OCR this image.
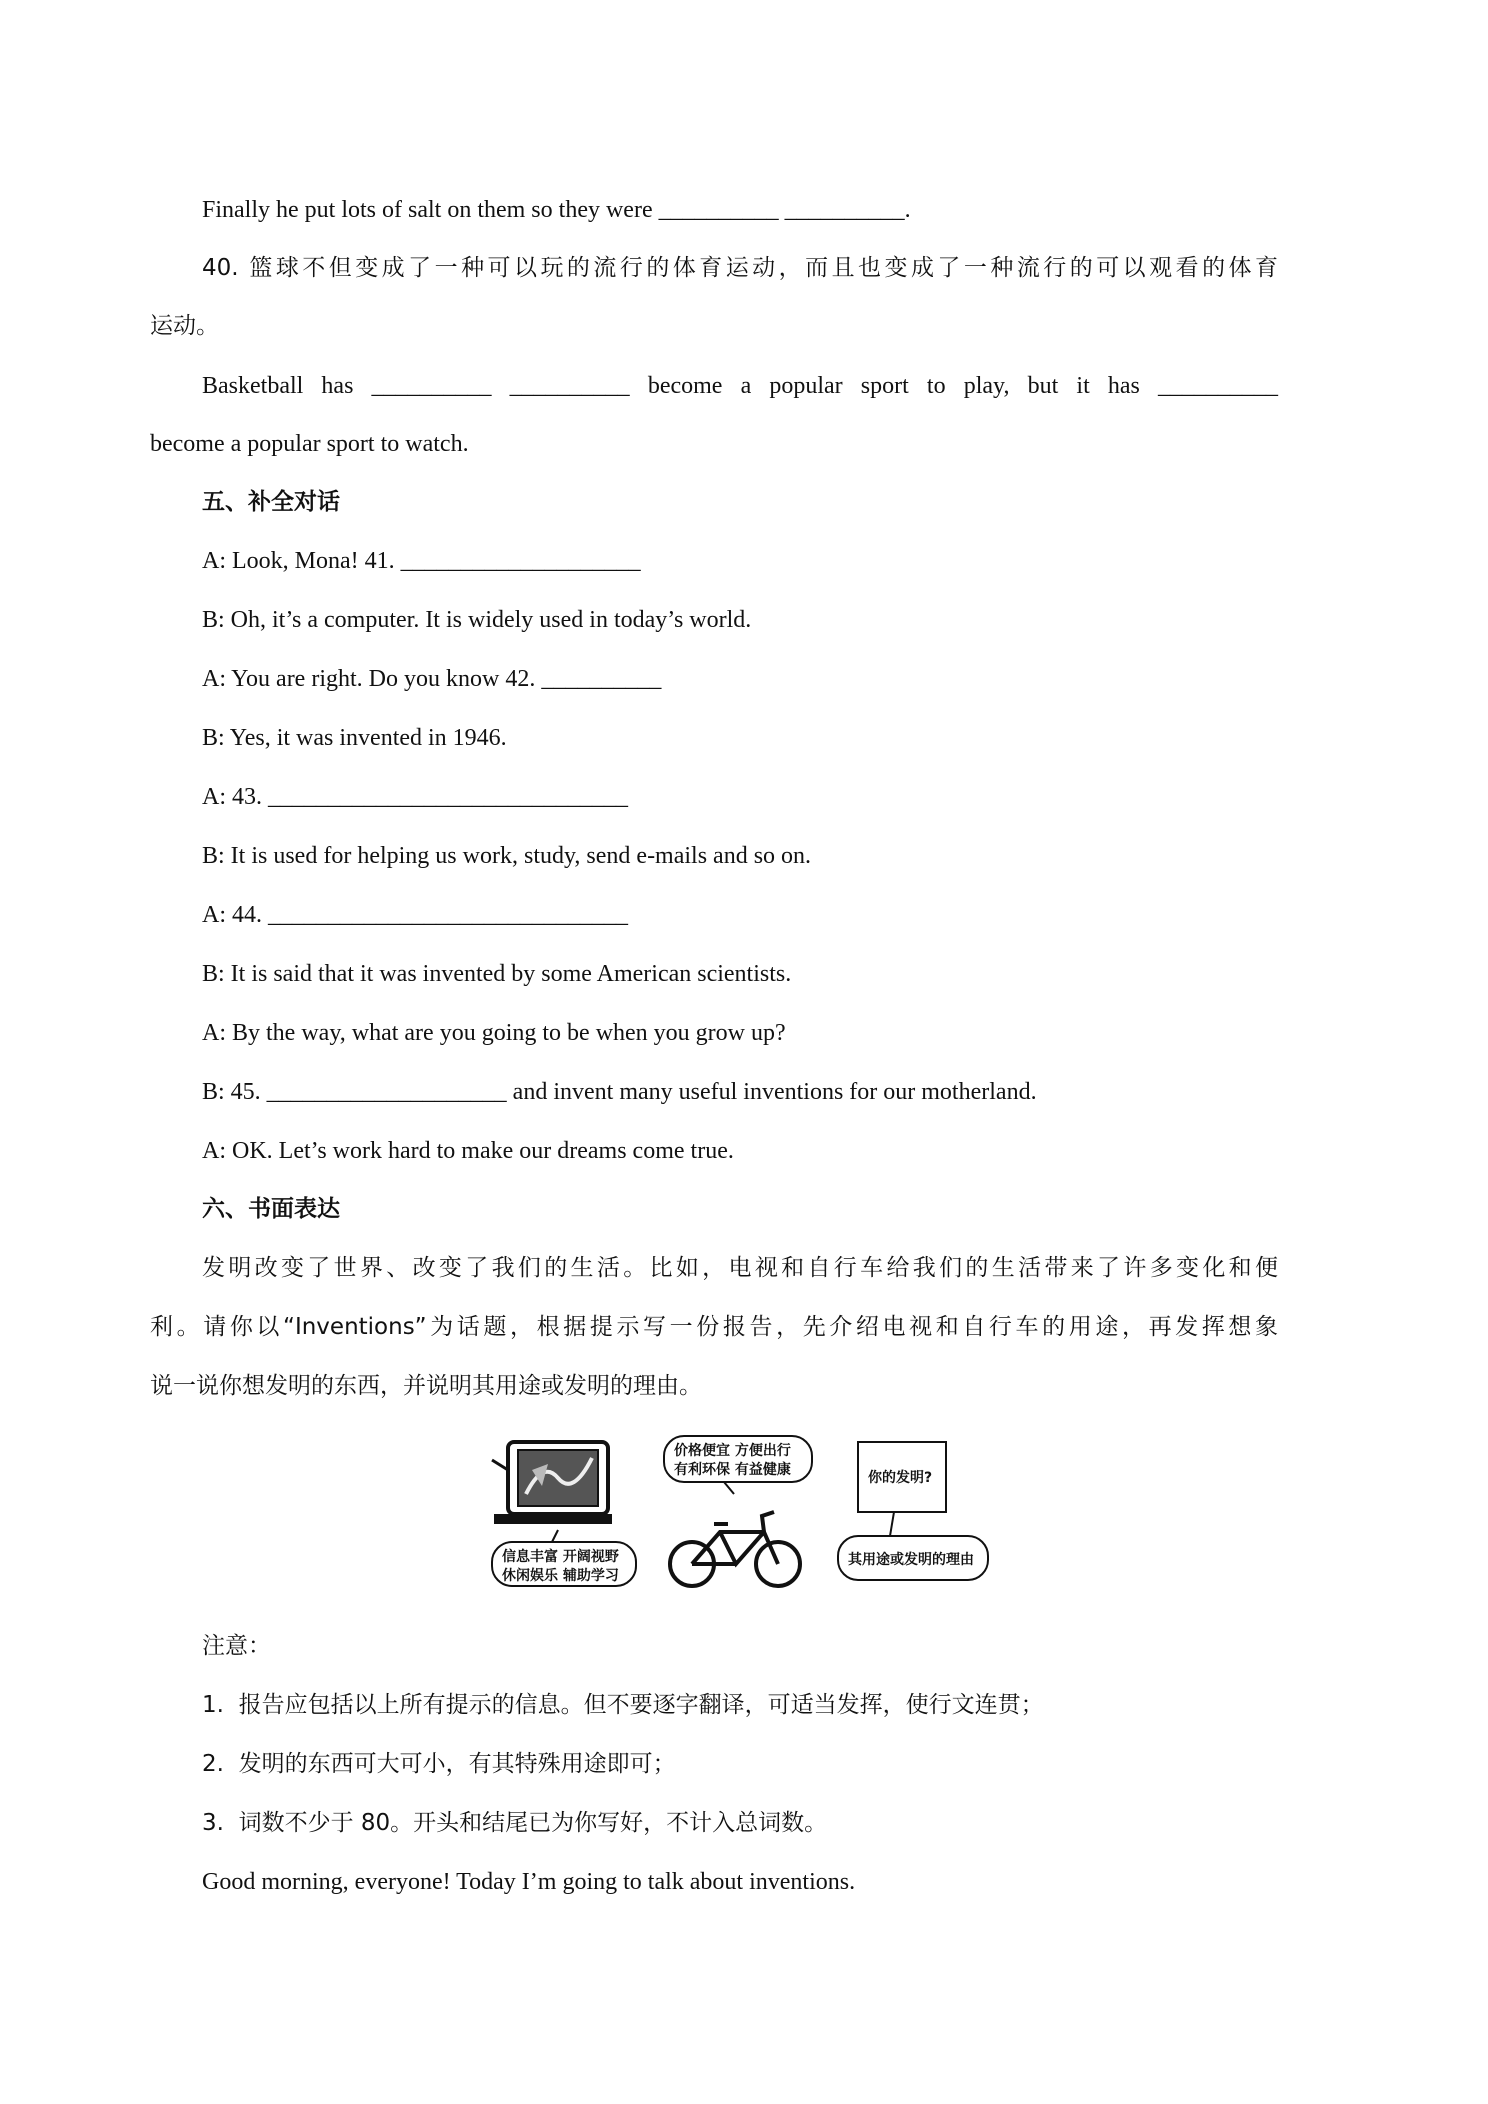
Finally he put lots of salt on them so they were __________ __________.
40. 篮球不但变成了一种可以玩的流行的体育运动，而且也变成了一种流行的可以观看的体育
运动。
Basketball has __________ __________ become a popular sport to play, but it has __________
become a popular sport to watch.
五、补全对话
A: Look, Mona! 41. ____________________
B: Oh, it’s a computer. It is widely used in today’s world.
A: You are right. Do you know 42. __________
B: Yes, it was invented in 1946.
A: 43. ______________________________
B: It is used for helping us work, study, send e-mails and so on.
A: 44. ______________________________
B: It is said that it was invented by some American scientists.
A: By the way, what are you going to be when you grow up?
B: 45. ____________________ and invent many useful inventions for our motherland.
A: OK. Let’s work hard to make our dreams come true.
六、书面表达
发明改变了世界、改变了我们的生活。比如，电视和自行车给我们的生活带来了许多变化和便
利。请你以“Inventions”为话题，根据提示写一份报告，先介绍电视和自行车的用途，再发挥想象
说一说你想发明的东西，并说明其用途或发明的理由。
信息丰富 开阔视野
休闲娱乐 辅助学习
价格便宜 方便出行
有利环保 有益健康	你的发明?
其用途或发明的理由
注意：
1.  报告应包括以上所有提示的信息。但不要逐字翻译，可适当发挥，使行文连贯；
2.  发明的东西可大可小，有其特殊用途即可；
3.  词数不少于 80。开头和结尾已为你写好，不计入总词数。
Good morning, everyone! Today I’m going to talk about inventions.
